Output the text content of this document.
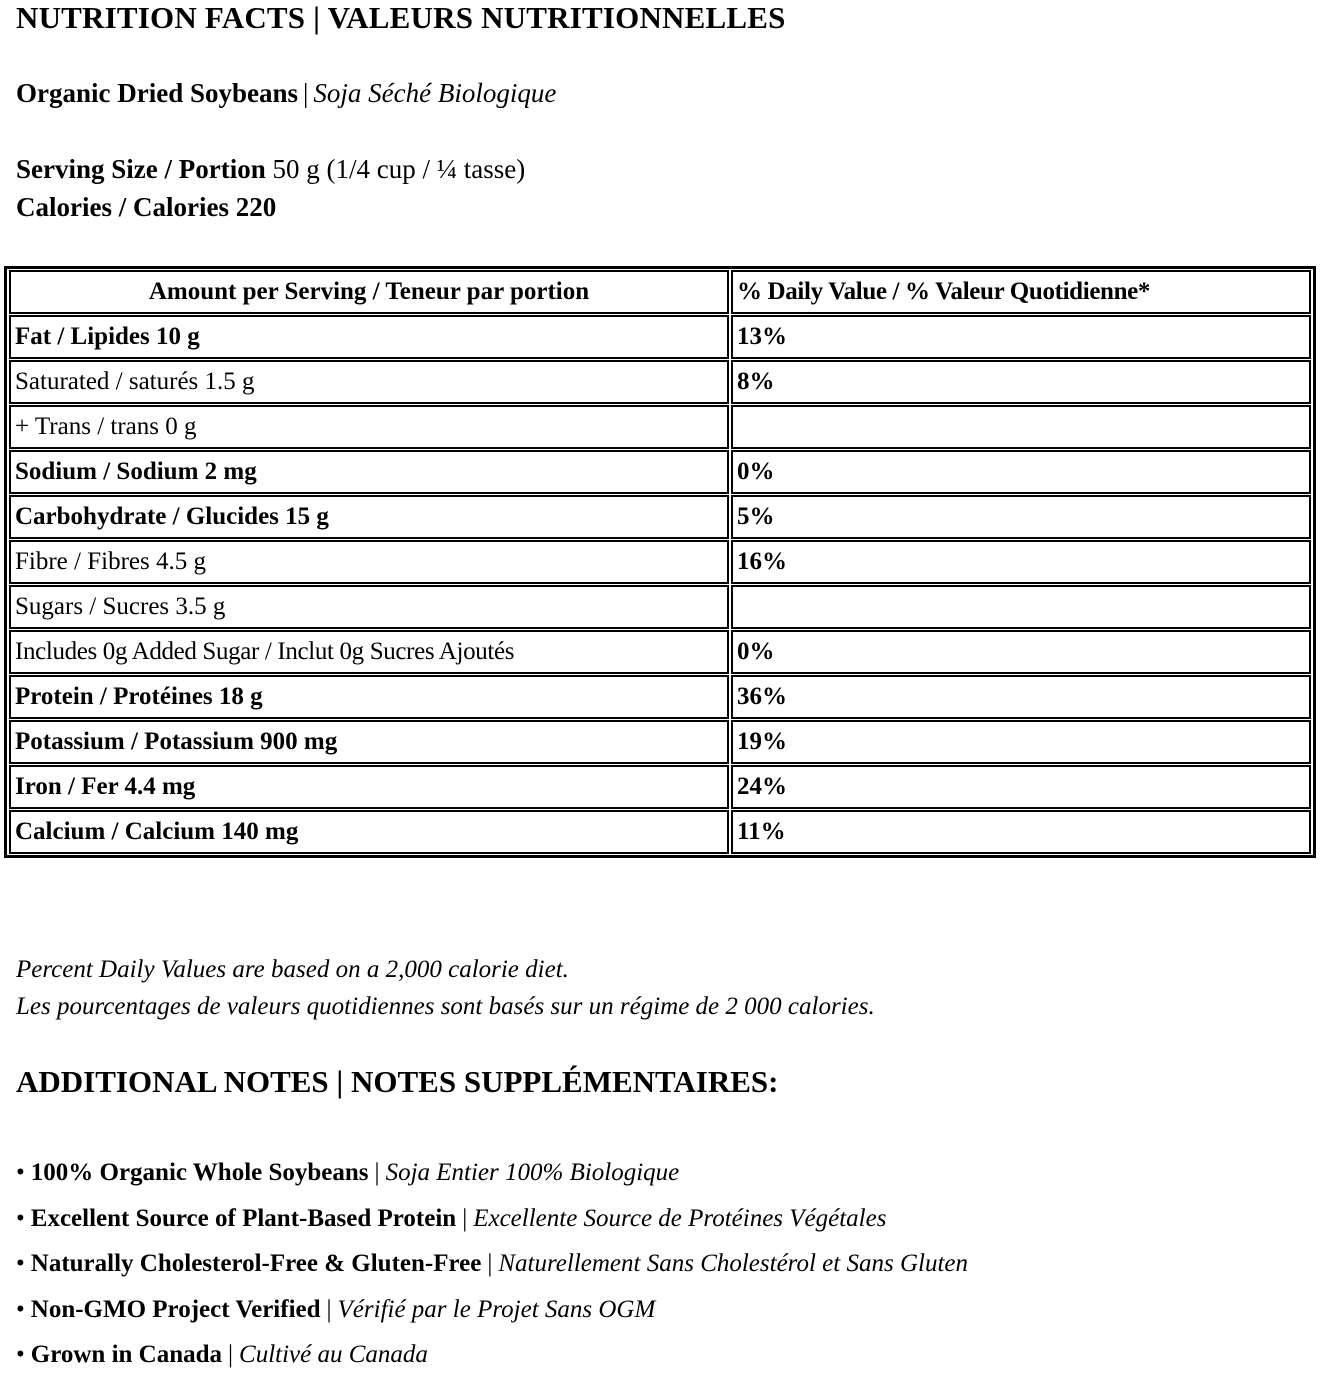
NUTRITION FACTS | VALEURS NUTRITIONNELLES
Organic Dried Soybeans | Soja Séché Biologique
Serving Size / Portion 50 g (1/4 cup / ¼ tasse)
Calories / Calories 220
Amount per Serving / Teneur par portion	% Daily Value / % Valeur Quotidienne*
Fat / Lipides 10 g	13%
Saturated / saturés 1.5 g	8%
+ Trans / trans 0 g	
Sodium / Sodium 2 mg	0%
Carbohydrate / Glucides 15 g	5%
Fibre / Fibres 4.5 g	16%
Sugars / Sucres 3.5 g	
Includes 0g Added Sugar / Inclut 0g Sucres Ajoutés	0%
Protein / Protéines 18 g	36%
Potassium / Potassium 900 mg	19%
Iron / Fer 4.4 mg	24%
Calcium / Calcium 140 mg	11%
Percent Daily Values are based on a 2,000 calorie diet.
Les pourcentages de valeurs quotidiennes sont basés sur un régime de 2 000 calories.
ADDITIONAL NOTES | NOTES SUPPLÉMENTAIRES:
• 100% Organic Whole Soybeans | Soja Entier 100% Biologique
• Excellent Source of Plant-Based Protein | Excellente Source de Protéines Végétales
• Naturally Cholesterol-Free & Gluten-Free | Naturellement Sans Cholestérol et Sans Gluten
• Non-GMO Project Verified | Vérifié par le Projet Sans OGM
• Grown in Canada | Cultivé au Canada
